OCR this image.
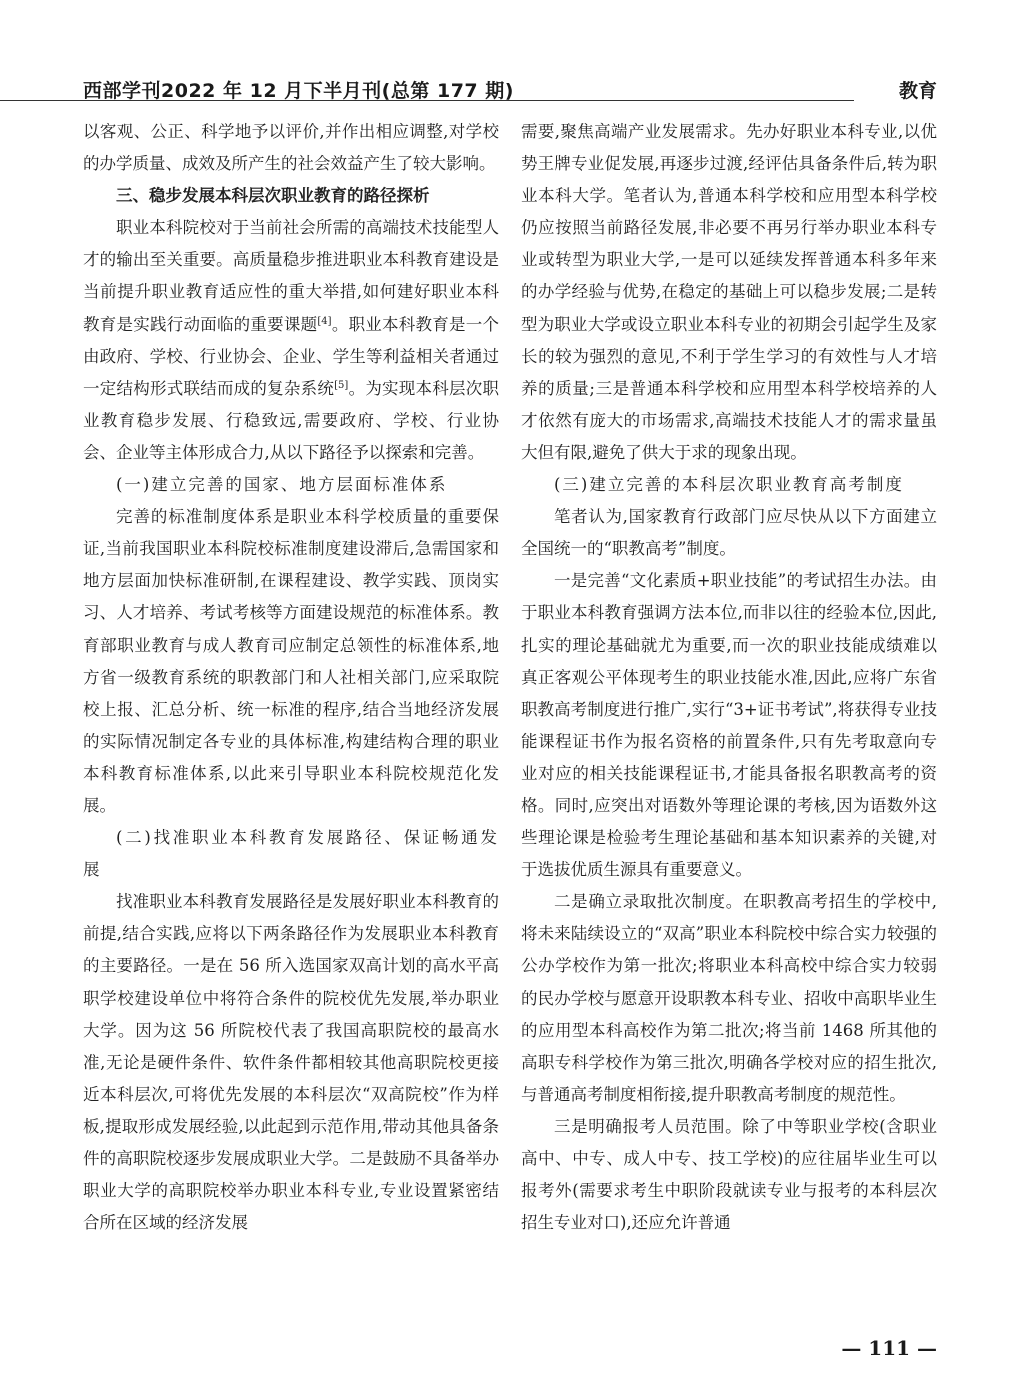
西部学刊2022 年 12 月下半月刊(总第 177 期)	教育

以客观、公正、科学地予以评价,并作出相应调整,对学校的办学质量、成效及所产生的社会效益产生了较大影响。

三、稳步发展本科层次职业教育的路径探析

职业本科院校对于当前社会所需的高端技术技能型人才的输出至关重要。高质量稳步推进职业本科教育建设是当前提升职业教育适应性的重大举措,如何建好职业本科教育是实践行动面临的重要课题[4]。职业本科教育是一个由政府、学校、行业协会、企业、学生等利益相关者通过一定结构形式联结而成的复杂系统[5]。为实现本科层次职业教育稳步发展、行稳致远,需要政府、学校、行业协会、企业等主体形成合力,从以下路径予以探索和完善。

(一)建立完善的国家、地方层面标准体系

完善的标准制度体系是职业本科学校质量的重要保证,当前我国职业本科院校标准制度建设滞后,急需国家和地方层面加快标准研制,在课程建设、教学实践、顶岗实习、人才培养、考试考核等方面建设规范的标准体系。教育部职业教育与成人教育司应制定总领性的标准体系,地方省一级教育系统的职教部门和人社相关部门,应采取院校上报、汇总分析、统一标准的程序,结合当地经济发展的实际情况制定各专业的具体标准,构建结构合理的职业本科教育标准体系,以此来引导职业本科院校规范化发展。

(二)找准职业本科教育发展路径、保证畅通发展

找准职业本科教育发展路径是发展好职业本科教育的前提,结合实践,应将以下两条路径作为发展职业本科教育的主要路径。一是在 56 所入选国家双高计划的高水平高职学校建设单位中将符合条件的院校优先发展,举办职业大学。因为这 56 所院校代表了我国高职院校的最高水准,无论是硬件条件、软件条件都相较其他高职院校更接近本科层次,可将优先发展的本科层次“双高院校”作为样板,提取形成发展经验,以此起到示范作用,带动其他具备条件的高职院校逐步发展成职业大学。二是鼓励不具备举办职业大学的高职院校举办职业本科专业,专业设置紧密结合所在区域的经济发展

需要,聚焦高端产业发展需求。先办好职业本科专业,以优势王牌专业促发展,再逐步过渡,经评估具备条件后,转为职业本科大学。笔者认为,普通本科学校和应用型本科学校仍应按照当前路径发展,非必要不再另行举办职业本科专业或转型为职业大学,一是可以延续发挥普通本科多年来的办学经验与优势,在稳定的基础上可以稳步发展;二是转型为职业大学或设立职业本科专业的初期会引起学生及家长的较为强烈的意见,不利于学生学习的有效性与人才培养的质量;三是普通本科学校和应用型本科学校培养的人才依然有庞大的市场需求,高端技术技能人才的需求量虽大但有限,避免了供大于求的现象出现。

(三)建立完善的本科层次职业教育高考制度

笔者认为,国家教育行政部门应尽快从以下方面建立全国统一的“职教高考”制度。

一是完善“文化素质+职业技能”的考试招生办法。由于职业本科教育强调方法本位,而非以往的经验本位,因此,扎实的理论基础就尤为重要,而一次的职业技能成绩难以真正客观公平体现考生的职业技能水准,因此,应将广东省职教高考制度进行推广,实行“3+证书考试”,将获得专业技能课程证书作为报名资格的前置条件,只有先考取意向专业对应的相关技能课程证书,才能具备报名职教高考的资格。同时,应突出对语数外等理论课的考核,因为语数外这些理论课是检验考生理论基础和基本知识素养的关键,对于选拔优质生源具有重要意义。

二是确立录取批次制度。在职教高考招生的学校中,将未来陆续设立的“双高”职业本科院校中综合实力较强的公办学校作为第一批次;将职业本科高校中综合实力较弱的民办学校与愿意开设职教本科专业、招收中高职毕业生的应用型本科高校作为第二批次;将当前 1468 所其他的高职专科学校作为第三批次,明确各学校对应的招生批次,与普通高考制度相衔接,提升职教高考制度的规范性。

三是明确报考人员范围。除了中等职业学校(含职业高中、中专、成人中专、技工学校)的应往届毕业生可以报考外(需要求考生中职阶段就读专业与报考的本科层次招生专业对口),还应允许普通

— 111 —
